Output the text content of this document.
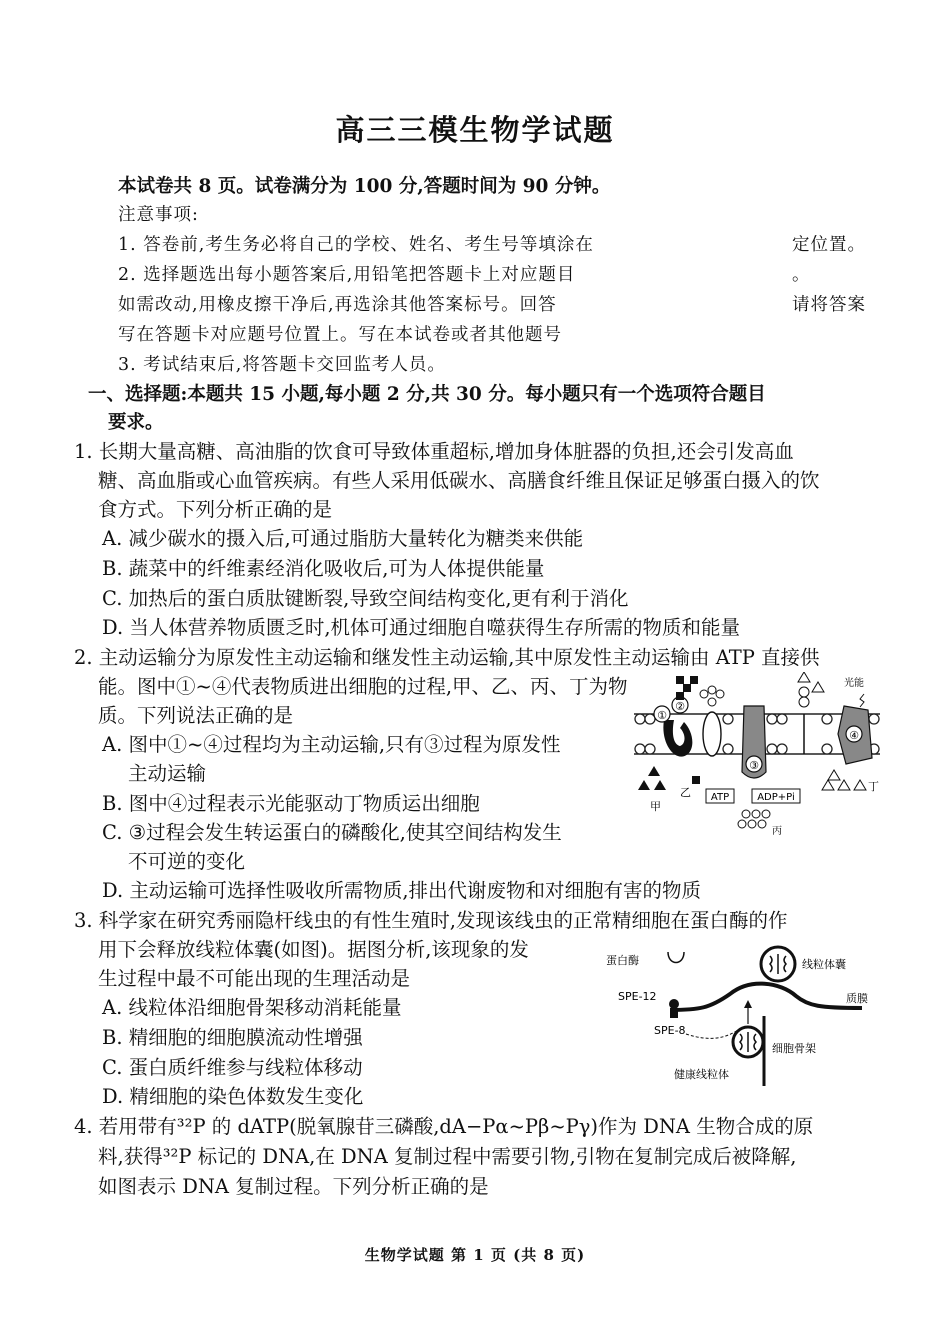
高三三模生物学试题
本试卷共 8 页。试卷满分为 100 分,答题时间为 90 分钟。
注意事项:
1. 答卷前,考生务必将自己的学校、姓名、考生号等填涂在	定位置。
2. 选择题选出每小题答案后,用铅笔把答题卡上对应题目	。
如需改动,用橡皮擦干净后,再选涂其他答案标号。回答	请将答案
写在答题卡对应题号位置上。写在本试卷或者其他题号
3. 考试结束后,将答题卡交回监考人员。
一、选择题:本题共 15 小题,每小题 2 分,共 30 分。每小题只有一个选项符合题目
要求。
1. 长期大量高糖、高油脂的饮食可导致体重超标,增加身体脏器的负担,还会引发高血
糖、高血脂或心血管疾病。有些人采用低碳水、高膳食纤维且保证足够蛋白摄入的饮
食方式。下列分析正确的是
A. 减少碳水的摄入后,可通过脂肪大量转化为糖类来供能
B. 蔬菜中的纤维素经消化吸收后,可为人体提供能量
C. 加热后的蛋白质肽键断裂,导致空间结构变化,更有利于消化
D. 当人体营养物质匮乏时,机体可通过细胞自噬获得生存所需的物质和能量
2. 主动运输分为原发性主动运输和继发性主动运输,其中原发性主动运输由 ATP 直接供
能。图中①~④代表物质进出细胞的过程,甲、乙、丙、丁为物
质。下列说法正确的是
A. 图中①~④过程均为主动运输,只有③过程为原发性
主动运输
B. 图中④过程表示光能驱动丁物质运出细胞
C. ③过程会发生转运蛋白的磷酸化,使其空间结构发生
不可逆的变化
D. 主动运输可选择性吸收所需物质,排出代谢废物和对细胞有害的物质
①
②
甲
乙
③
ATP	ADP+Pi
丙
④
光能
丁
3. 科学家在研究秀丽隐杆线虫的有性生殖时,发现该线虫的正常精细胞在蛋白酶的作
用下会释放线粒体囊(如图)。据图分析,该现象的发
生过程中最不可能出现的生理活动是
A. 线粒体沿细胞骨架移动消耗能量
B. 精细胞的细胞膜流动性增强
C. 蛋白质纤维参与线粒体移动
D. 精细胞的染色体数发生变化
蛋白酶	线粒体囊
SPE-12	质膜
SPE-8
细胞骨架
健康线粒体
4. 若用带有³²P 的 dATP(脱氧腺苷三磷酸,dA−Pα~Pβ~Pγ)作为 DNA 生物合成的原
料,获得³²P 标记的 DNA,在 DNA 复制过程中需要引物,引物在复制完成后被降解,
如图表示 DNA 复制过程。下列分析正确的是
生物学试题 第 1 页 (共 8 页)
